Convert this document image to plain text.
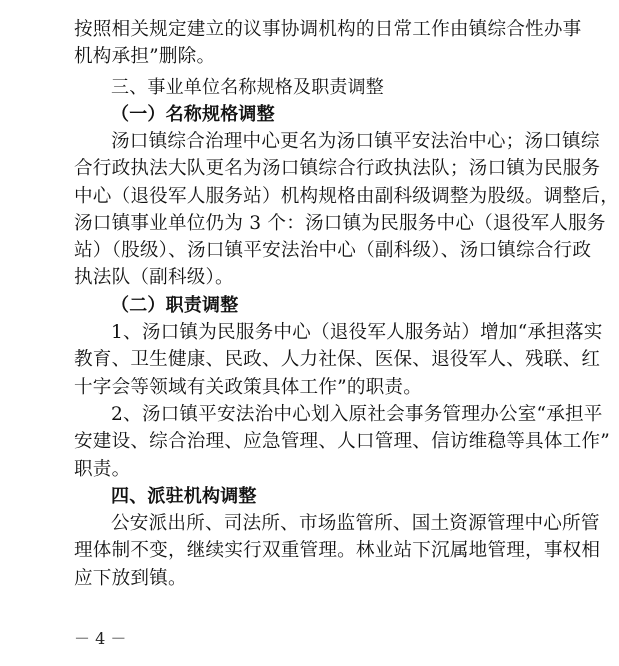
按照相关规定建立的议事协调机构的日常工作由镇综合性办事
机构承担”删除。
三、事业单位名称规格及职责调整
（一）名称规格调整
汤口镇综合治理中心更名为汤口镇平安法治中心；汤口镇综
合行政执法大队更名为汤口镇综合行政执法队；汤口镇为民服务
中心（退役军人服务站）机构规格由副科级调整为股级。调整后，
汤口镇事业单位仍为 3 个：汤口镇为民服务中心（退役军人服务
站）（股级）、汤口镇平安法治中心（副科级）、汤口镇综合行政
执法队（副科级）。
（二）职责调整
1、汤口镇为民服务中心（退役军人服务站）增加“承担落实
教育、卫生健康、民政、人力社保、医保、退役军人、残联、红
十字会等领域有关政策具体工作”的职责。
2、汤口镇平安法治中心划入原社会事务管理办公室“承担平
安建设、综合治理、应急管理、人口管理、信访维稳等具体工作”
职责。
四、派驻机构调整
公安派出所、司法所、市场监管所、国土资源管理中心所管
理体制不变，继续实行双重管理。林业站下沉属地管理，事权相
应下放到镇。
－ 4 －
